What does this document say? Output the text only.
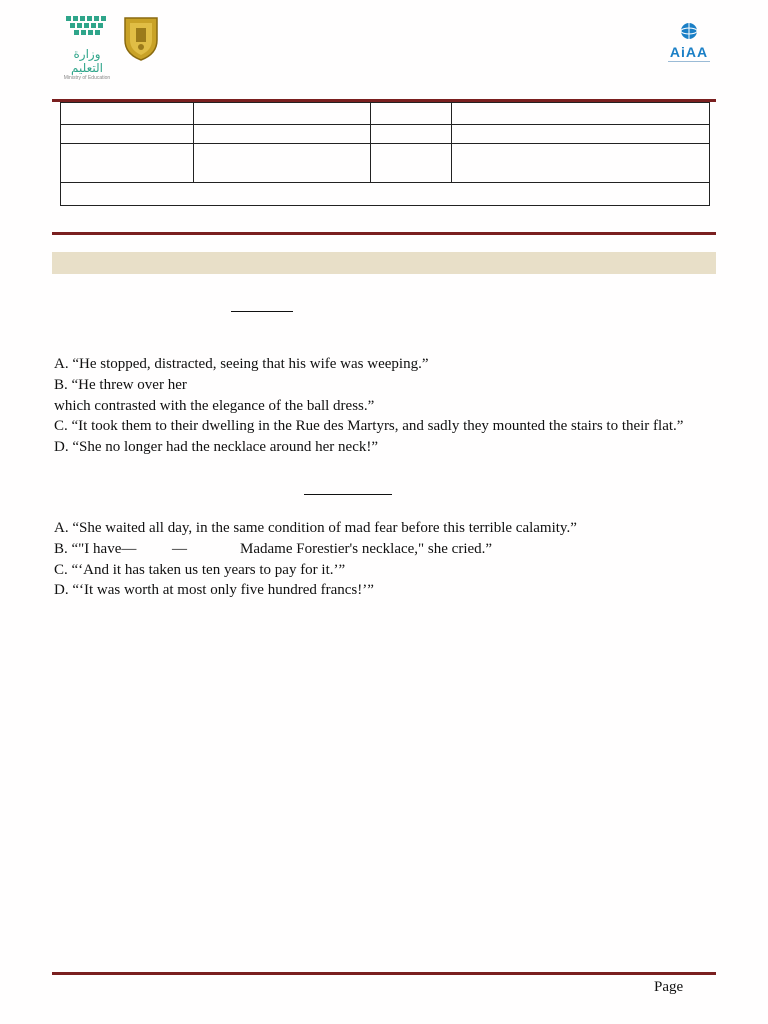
وزارة التعليم
Ministry of Education
AiAA

A. “He stopped, distracted, seeing that his wife was weeping.”
B. “He threw over her
which contrasted with the elegance of the ball dress.”
C. “It took them to their dwelling in the Rue des Martyrs, and sadly they mounted the stairs to their flat.”
D. “She no longer had the necklace around her neck!”
A. “She waited all day, in the same condition of mad fear before this terrible calamity.”
B. “"I have— —	Madame Forestier's necklace," she cried.”
C. “‘And it has taken us ten years to pay for it.’”
D. “‘It was worth at most only five hundred francs!’”
Page
